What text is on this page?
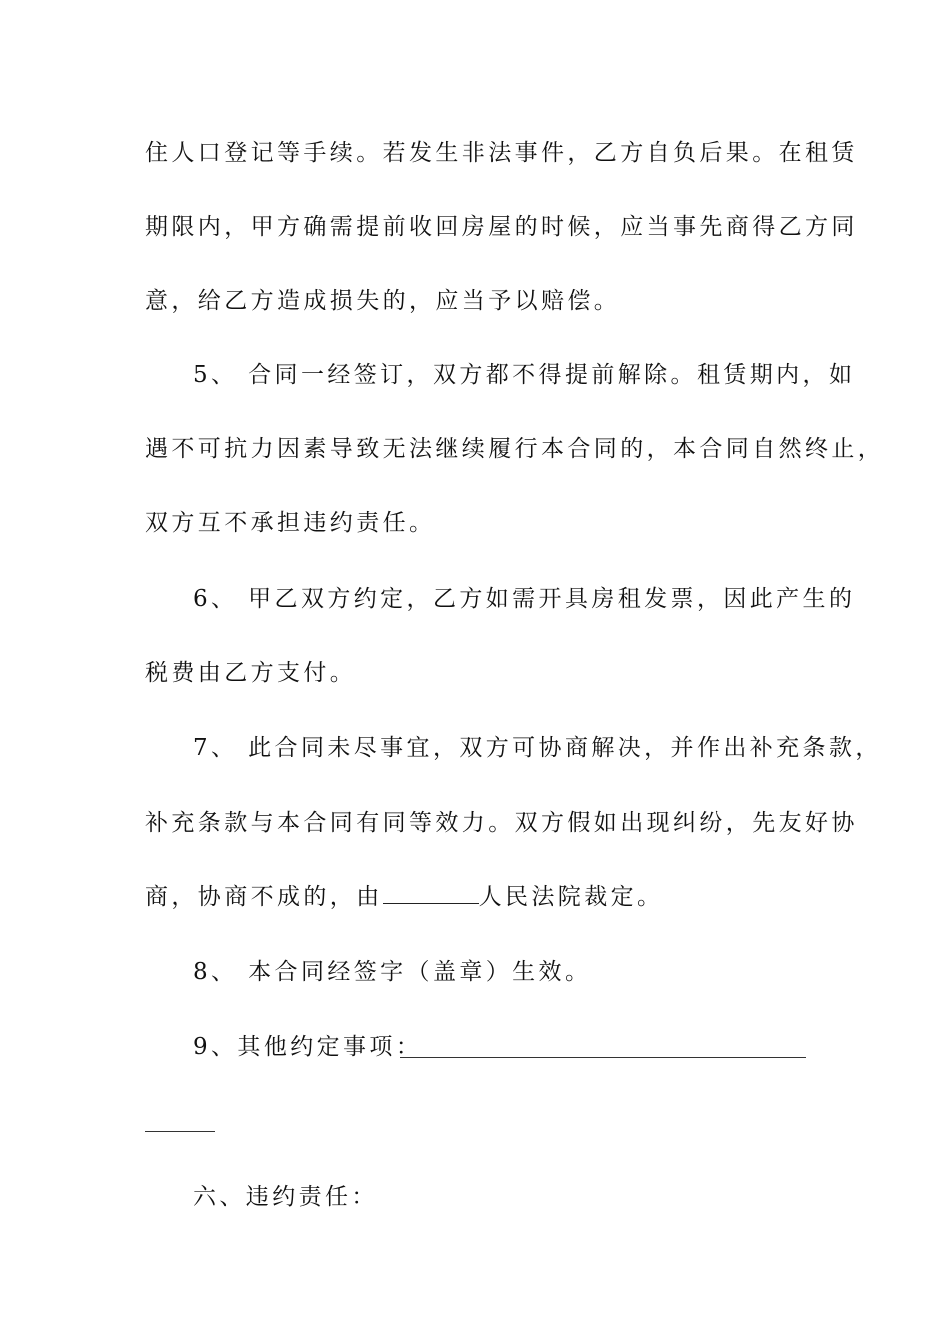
住人口登记等手续。若发生非法事件，乙方自负后果。在租赁
期限内，甲方确需提前收回房屋的时候，应当事先商得乙方同
意，给乙方造成损失的，应当予以赔偿。
5、 合同一经签订，双方都不得提前解除。租赁期内，如
遇不可抗力因素导致无法继续履行本合同的，本合同自然终止，
双方互不承担违约责任。
6、 甲乙双方约定，乙方如需开具房租发票，因此产生的
税费由乙方支付。
7、 此合同未尽事宜，双方可协商解决，并作出补充条款，
补充条款与本合同有同等效力。双方假如出现纠纷，先友好协
商，协商不成的，由	人民法院裁定。
8、 本合同经签字（盖章）生效。
9、其他约定事项：
六、违约责任：
